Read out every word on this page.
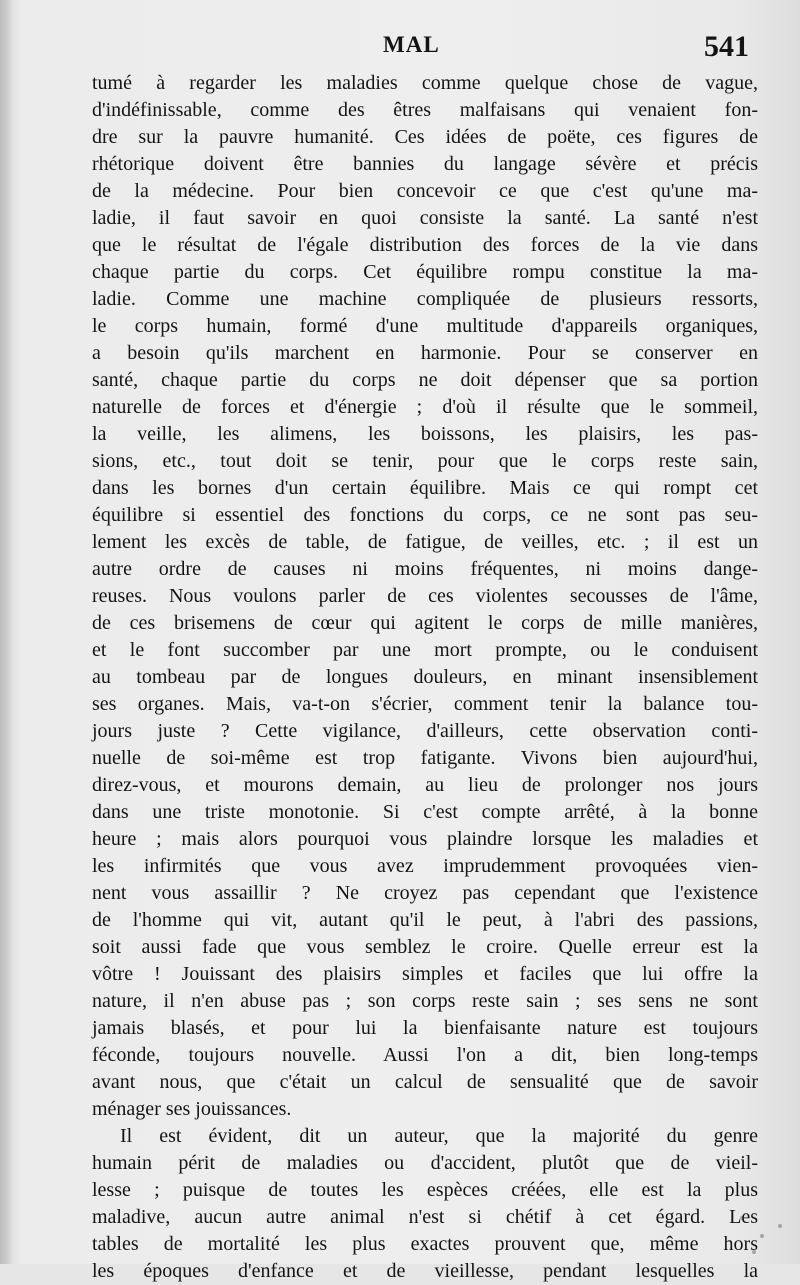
MAL	541
tumé à regarder les maladies comme quelque chose de vague,
d'indéfinissable, comme des êtres malfaisans qui venaient fon-
dre sur la pauvre humanité. Ces idées de poëte, ces figures de
rhétorique doivent être bannies du langage sévère et précis
de la médecine. Pour bien concevoir ce que c'est qu'une ma-
ladie, il faut savoir en quoi consiste la santé. La santé n'est
que le résultat de l'égale distribution des forces de la vie dans
chaque partie du corps. Cet équilibre rompu constitue la ma-
ladie. Comme une machine compliquée de plusieurs ressorts,
le corps humain, formé d'une multitude d'appareils organiques,
a besoin qu'ils marchent en harmonie. Pour se conserver en
santé, chaque partie du corps ne doit dépenser que sa portion
naturelle de forces et d'énergie ; d'où il résulte que le sommeil,
la veille, les alimens, les boissons, les plaisirs, les pas-
sions, etc., tout doit se tenir, pour que le corps reste sain,
dans les bornes d'un certain équilibre. Mais ce qui rompt cet
équilibre si essentiel des fonctions du corps, ce ne sont pas seu-
lement les excès de table, de fatigue, de veilles, etc. ; il est un
autre ordre de causes ni moins fréquentes, ni moins dange-
reuses. Nous voulons parler de ces violentes secousses de l'âme,
de ces brisemens de cœur qui agitent le corps de mille manières,
et le font succomber par une mort prompte, ou le conduisent
au tombeau par de longues douleurs, en minant insensiblement
ses organes. Mais, va-t-on s'écrier, comment tenir la balance tou-
jours juste ? Cette vigilance, d'ailleurs, cette observation conti-
nuelle de soi-même est trop fatigante. Vivons bien aujourd'hui,
direz-vous, et mourons demain, au lieu de prolonger nos jours
dans une triste monotonie. Si c'est compte arrêté, à la bonne
heure ; mais alors pourquoi vous plaindre lorsque les maladies et
les infirmités que vous avez imprudemment provoquées vien-
nent vous assaillir ? Ne croyez pas cependant que l'existence
de l'homme qui vit, autant qu'il le peut, à l'abri des passions,
soit aussi fade que vous semblez le croire. Quelle erreur est la
vôtre ! Jouissant des plaisirs simples et faciles que lui offre la
nature, il n'en abuse pas ; son corps reste sain ; ses sens ne sont
jamais blasés, et pour lui la bienfaisante nature est toujours
féconde, toujours nouvelle. Aussi l'on a dit, bien long-temps
avant nous, que c'était un calcul de sensualité que de savoir
ménager ses jouissances.
Il est évident, dit un auteur, que la majorité du genre
humain périt de maladies ou d'accident, plutôt que de vieil-
lesse ; puisque de toutes les espèces créées, elle est la plus
maladive, aucun autre animal n'est si chétif à cet égard. Les
tables de mortalité les plus exactes prouvent que, même hors
les époques d'enfance et de vieillesse, pendant lesquelles la
